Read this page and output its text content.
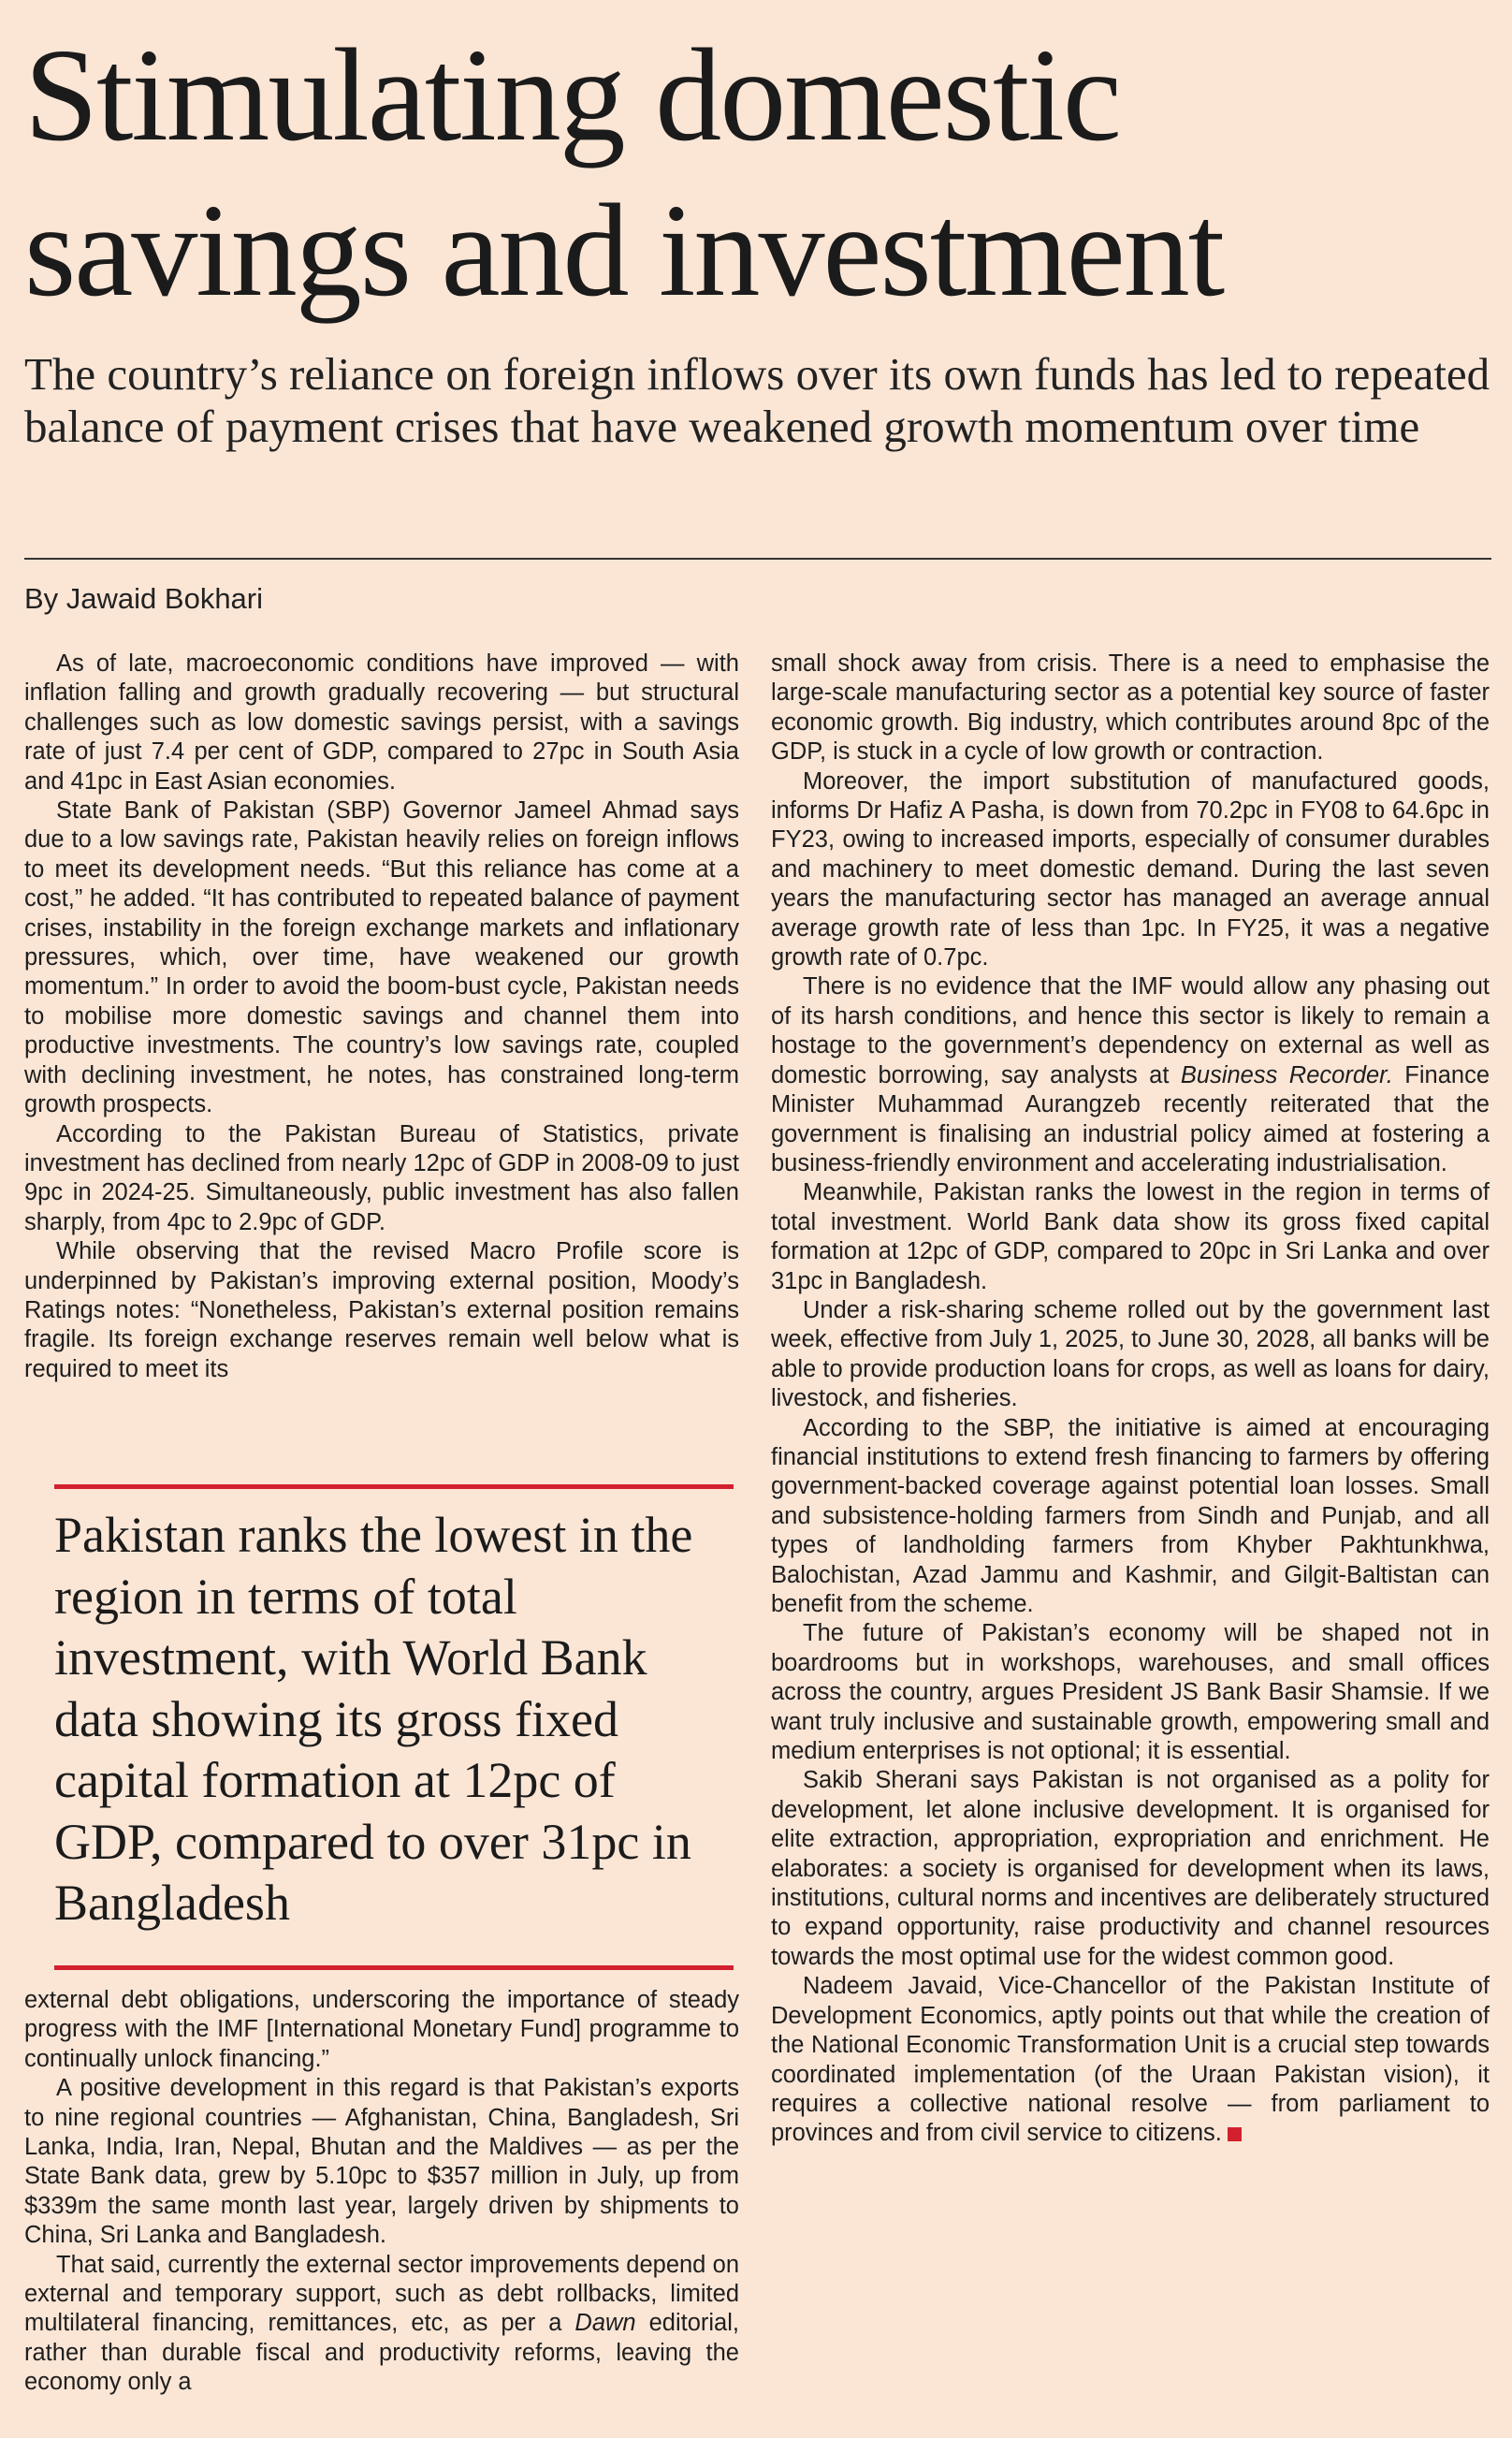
Stimulating domestic savings and investment

The country’s reliance on foreign inflows over its own funds has led to repeated balance of payment crises that have weakened growth momentum over time

By Jawaid Bokhari

As of late, macroeconomic conditions have improved — with inflation falling and growth gradually recovering — but structural challenges such as low domestic savings persist, with a savings rate of just 7.4 per cent of GDP, compared to 27pc in South Asia and 41pc in East Asian economies.

State Bank of Pakistan (SBP) Governor Jameel Ahmad says due to a low savings rate, Pakistan heavily relies on foreign inflows to meet its development needs. “But this reliance has come at a cost,” he added. “It has contributed to repeated balance of payment crises, instability in the foreign exchange markets and inflationary pressures, which, over time, have weakened our growth momentum.” In order to avoid the boom-bust cycle, Pakistan needs to mobilise more domestic savings and channel them into productive investments. The country’s low savings rate, coupled with declining investment, he notes, has constrained long-term growth prospects.

According to the Pakistan Bureau of Statistics, private investment has declined from nearly 12pc of GDP in 2008-09 to just 9pc in 2024-25. Simultaneously, public investment has also fallen sharply, from 4pc to 2.9pc of GDP.

While observing that the revised Macro Profile score is underpinned by Pakistan’s improving external position, Moody’s Ratings notes: “Nonetheless, Pakistan’s external position remains fragile. Its foreign exchange reserves remain well below what is required to meet its

Pakistan ranks the lowest in the region in terms of total investment, with World Bank data showing its gross fixed capital formation at 12pc of GDP, compared to over 31pc in Bangladesh

external debt obligations, underscoring the importance of steady progress with the IMF [International Monetary Fund] programme to continually unlock financing.”

A positive development in this regard is that Pakistan’s exports to nine regional countries — Afghanistan, China, Bangladesh, Sri Lanka, India, Iran, Nepal, Bhutan and the Maldives — as per the State Bank data, grew by 5.10pc to $357 million in July, up from $339m the same month last year, largely driven by shipments to China, Sri Lanka and Bangladesh.

That said, currently the external sector improvements depend on external and temporary support, such as debt rollbacks, limited multilateral financing, remittances, etc, as per a Dawn editorial, rather than durable fiscal and productivity reforms, leaving the economy only a

small shock away from crisis. There is a need to emphasise the large-scale manufacturing sector as a potential key source of faster economic growth. Big industry, which contributes around 8pc of the GDP, is stuck in a cycle of low growth or contraction.

Moreover, the import substitution of manufactured goods, informs Dr Hafiz A Pasha, is down from 70.2pc in FY08 to 64.6pc in FY23, owing to increased imports, especially of consumer durables and machinery to meet domestic demand. During the last seven years the manufacturing sector has managed an average annual average growth rate of less than 1pc. In FY25, it was a negative growth rate of 0.7pc.

There is no evidence that the IMF would allow any phasing out of its harsh conditions, and hence this sector is likely to remain a hostage to the government’s dependency on external as well as domestic borrowing, say analysts at Business Recorder. Finance Minister Muhammad Aurangzeb recently reiterated that the government is finalising an industrial policy aimed at fostering a business-friendly environment and accelerating industrialisation.

Meanwhile, Pakistan ranks the lowest in the region in terms of total investment. World Bank data show its gross fixed capital formation at 12pc of GDP, compared to 20pc in Sri Lanka and over 31pc in Bangladesh.

Under a risk-sharing scheme rolled out by the government last week, effective from July 1, 2025, to June 30, 2028, all banks will be able to provide production loans for crops, as well as loans for dairy, livestock, and fisheries.

According to the SBP, the initiative is aimed at encouraging financial institutions to extend fresh financing to farmers by offering government-backed coverage against potential loan losses. Small and subsistence-holding farmers from Sindh and Punjab, and all types of landholding farmers from Khyber Pakhtunkhwa, Balochistan, Azad Jammu and Kashmir, and Gilgit-Baltistan can benefit from the scheme.

The future of Pakistan’s economy will be shaped not in boardrooms but in workshops, warehouses, and small offices across the country, argues President JS Bank Basir Shamsie. If we want truly inclusive and sustainable growth, empowering small and medium enterprises is not optional; it is essential.

Sakib Sherani says Pakistan is not organised as a polity for development, let alone inclusive development. It is organised for elite extraction, appropriation, expropriation and enrichment. He elaborates: a society is organised for development when its laws, institutions, cultural norms and incentives are deliberately structured to expand opportunity, raise productivity and channel resources towards the most optimal use for the widest common good.

Nadeem Javaid, Vice-Chancellor of the Pakistan Institute of Development Economics, aptly points out that while the creation of the National Economic Transformation Unit is a crucial step towards coordinated implementation (of the Uraan Pakistan vision), it requires a collective national resolve — from parliament to provinces and from civil service to citizens.
